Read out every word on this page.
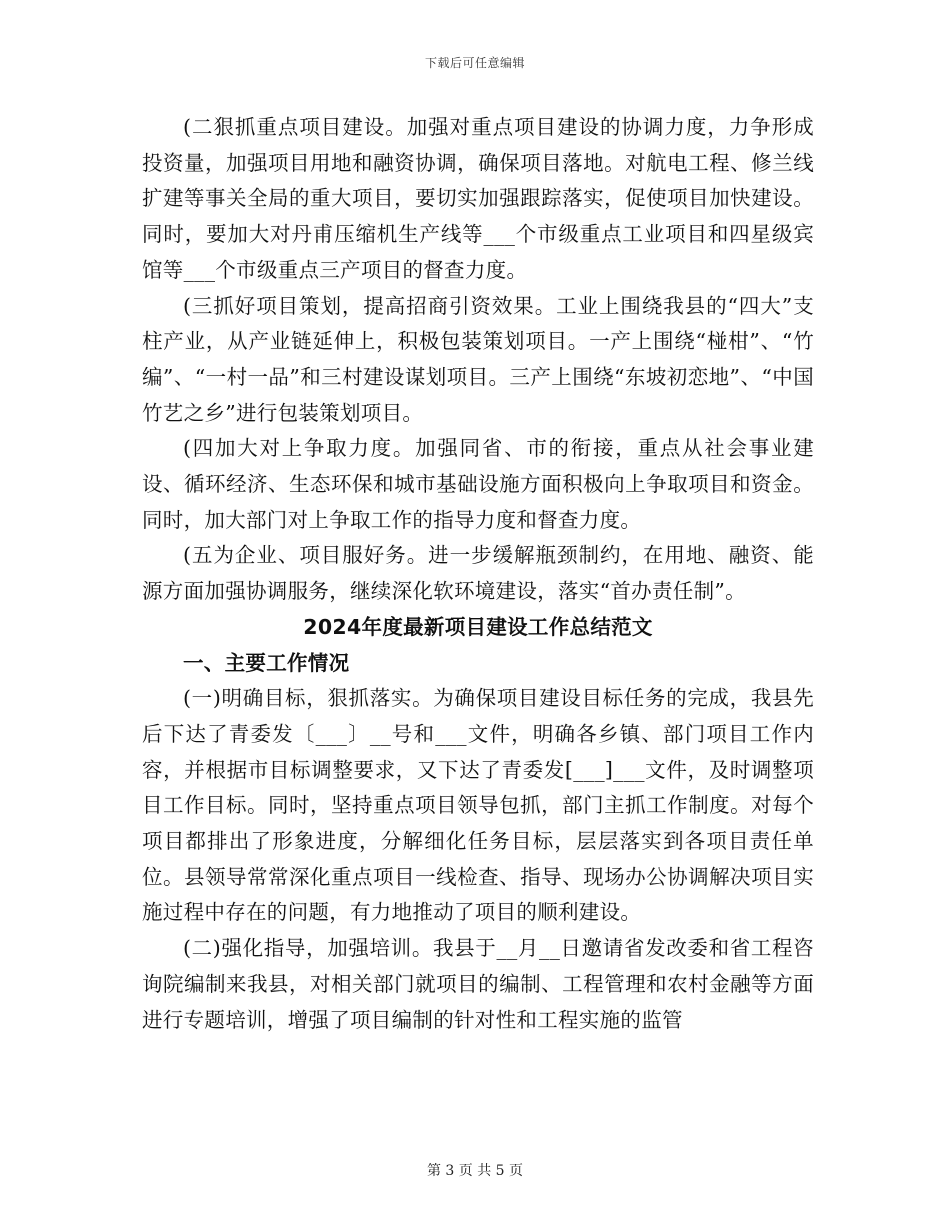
下载后可任意编辑

(二狠抓重点项目建设。加强对重点项目建设的协调力度，力争形成投资量，加强项目用地和融资协调，确保项目落地。对航电工程、修兰线扩建等事关全局的重大项目，要切实加强跟踪落实，促使项目加快建设。同时，要加大对丹甫压缩机生产线等___个市级重点工业项目和四星级宾馆等___个市级重点三产项目的督查力度。

(三抓好项目策划，提高招商引资效果。工业上围绕我县的“四大”支柱产业，从产业链延伸上，积极包装策划项目。一产上围绕“椪柑”、“竹编”、“一村一品”和三村建设谋划项目。三产上围绕“东坡初恋地”、“中国竹艺之乡”进行包装策划项目。

(四加大对上争取力度。加强同省、市的衔接，重点从社会事业建设、循环经济、生态环保和城市基础设施方面积极向上争取项目和资金。同时，加大部门对上争取工作的指导力度和督查力度。

(五为企业、项目服好务。进一步缓解瓶颈制约，在用地、融资、能源方面加强协调服务，继续深化软环境建设，落实“首办责任制”。

2024年度最新项目建设工作总结范文
一、主要工作情况

(一)明确目标，狠抓落实。为确保项目建设目标任务的完成，我县先后下达了青委发〔___〕__号和___文件，明确各乡镇、部门项目工作内容，并根据市目标调整要求，又下达了青委发[___]___文件，及时调整项目工作目标。同时，坚持重点项目领导包抓，部门主抓工作制度。对每个项目都排出了形象进度，分解细化任务目标，层层落实到各项目责任单位。县领导常常深化重点项目一线检查、指导、现场办公协调解决项目实施过程中存在的问题，有力地推动了项目的顺利建设。

(二)强化指导，加强培训。我县于__月__日邀请省发改委和省工程咨询院编制来我县，对相关部门就项目的编制、工程管理和农村金融等方面进行专题培训，增强了项目编制的针对性和工程实施的监管

第 3 页 共 5 页
